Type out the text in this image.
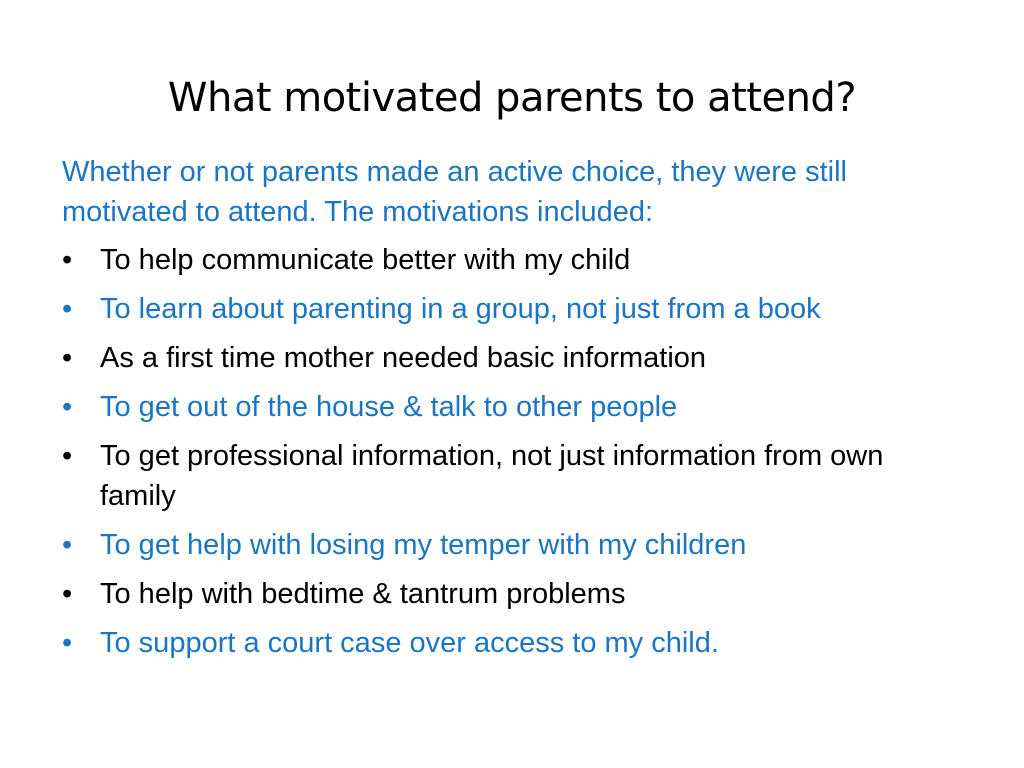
What motivated parents to attend?

Whether or not parents made an active choice, they were still motivated to attend. The motivations included:

• To help communicate better with my child
• To learn about parenting in a group, not just from a book
• As a first time mother needed basic information
• To get out of the house & talk to other people
• To get professional information, not just information from own family
• To get help with losing my temper with my children
• To help with bedtime & tantrum problems
• To support a court case over access to my child.
